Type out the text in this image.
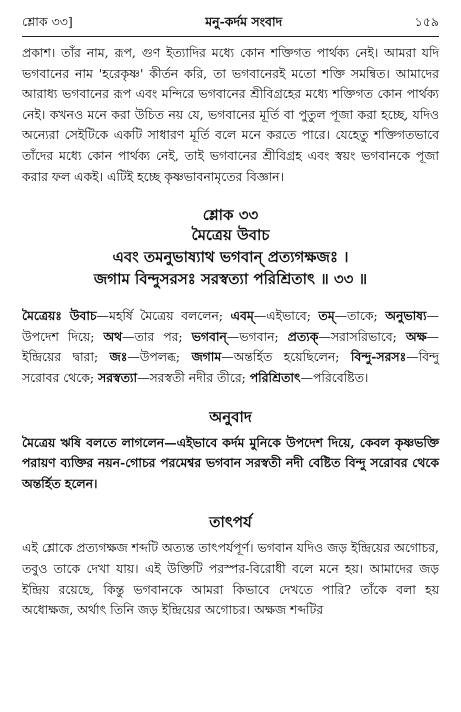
শ্লোক ৩৩]	মনু-কর্দম সংবাদ	১৫৯

প্রকাশ। তাঁর নাম, রূপ, গুণ ইত্যাদির মধ্যে কোন শক্তিগত পার্থক্য নেই। আমরা যদি ভগবানের নাম 'হরেকৃষ্ণ' কীর্তন করি, তা ভগবানেরই মতো শক্তি সমন্বিত। আমাদের আরাধ্য ভগবানের রূপ এবং মন্দিরে ভগবানের শ্রীবিগ্রহের মধ্যে শক্তিগত কোন পার্থক্য নেই। কখনও মনে করা উচিত নয় যে, ভগবানের মূর্তি বা পুতুল পূজা করা হচ্ছে, যদিও অন্যেরা সেইটিকে একটি সাধারণ মূর্তি বলে মনে করতে পারে। যেহেতু শক্তিগতভাবে তাঁদের মধ্যে কোন পার্থক্য নেই, তাই ভগবানের শ্রীবিগ্রহ এবং স্বয়ং ভগবানকে পূজা করার ফল একই। এটিই হচ্ছে কৃষ্ণভাবনামৃতের বিজ্ঞান।

শ্লোক ৩৩
মৈত্রেয় উবাচ
এবং তমনুভাষ্যাথ ভগবান্ প্রত্যগক্ষজঃ ।
জগাম বিন্দুসরসঃ সরস্বত্যা পরিশ্রিতাৎ ॥ ৩৩ ॥

মৈত্রেয়ঃ উবাচ—মহর্ষি মৈত্রেয় বললেন; এবম্—এইভাবে; তম্—তাকে; অনুভাষ্য—উপদেশ দিয়ে; অথ—তার পর; ভগবান্—ভগবান; প্রত্যক্—সরাসরিভাবে; অক্ষ—ইন্দ্রিয়ের দ্বারা; জঃ—উপলব্ধ; জগাম—অন্তর্হিত হয়েছিলেন; বিন্দু-সরসঃ—বিন্দু সরোবর থেকে; সরস্বত্যা—সরস্বতী নদীর তীরে; পরিশ্রিতাৎ—পরিবেষ্টিত।

অনুবাদ

মৈত্রেয় ঋষি বলতে লাগলেন—এইভাবে কর্দম মুনিকে উপদেশ দিয়ে, কেবল কৃষ্ণভক্তি পরায়ণ ব্যক্তির নয়ন-গোচর পরমেশ্বর ভগবান সরস্বতী নদী বেষ্টিত বিন্দু সরোবর থেকে অন্তর্হিত হলেন।

তাৎপর্য

এই শ্লোকে প্রত্যগক্ষজ শব্দটি অত্যন্ত তাৎপর্যপূর্ণ। ভগবান যদিও জড় ইন্দ্রিয়ের অগোচর, তবুও তাকে দেখা যায়। এই উক্তিটি পরস্পর-বিরোধী বলে মনে হয়। আমাদের জড় ইন্দ্রিয় রয়েছে, কিন্তু ভগবানকে আমরা কিভাবে দেখতে পারি? তাঁকে বলা হয় অধোক্ষজ, অর্থাৎ তিনি জড় ইন্দ্রিয়ের অগোচর। অক্ষজ শব্দটির
